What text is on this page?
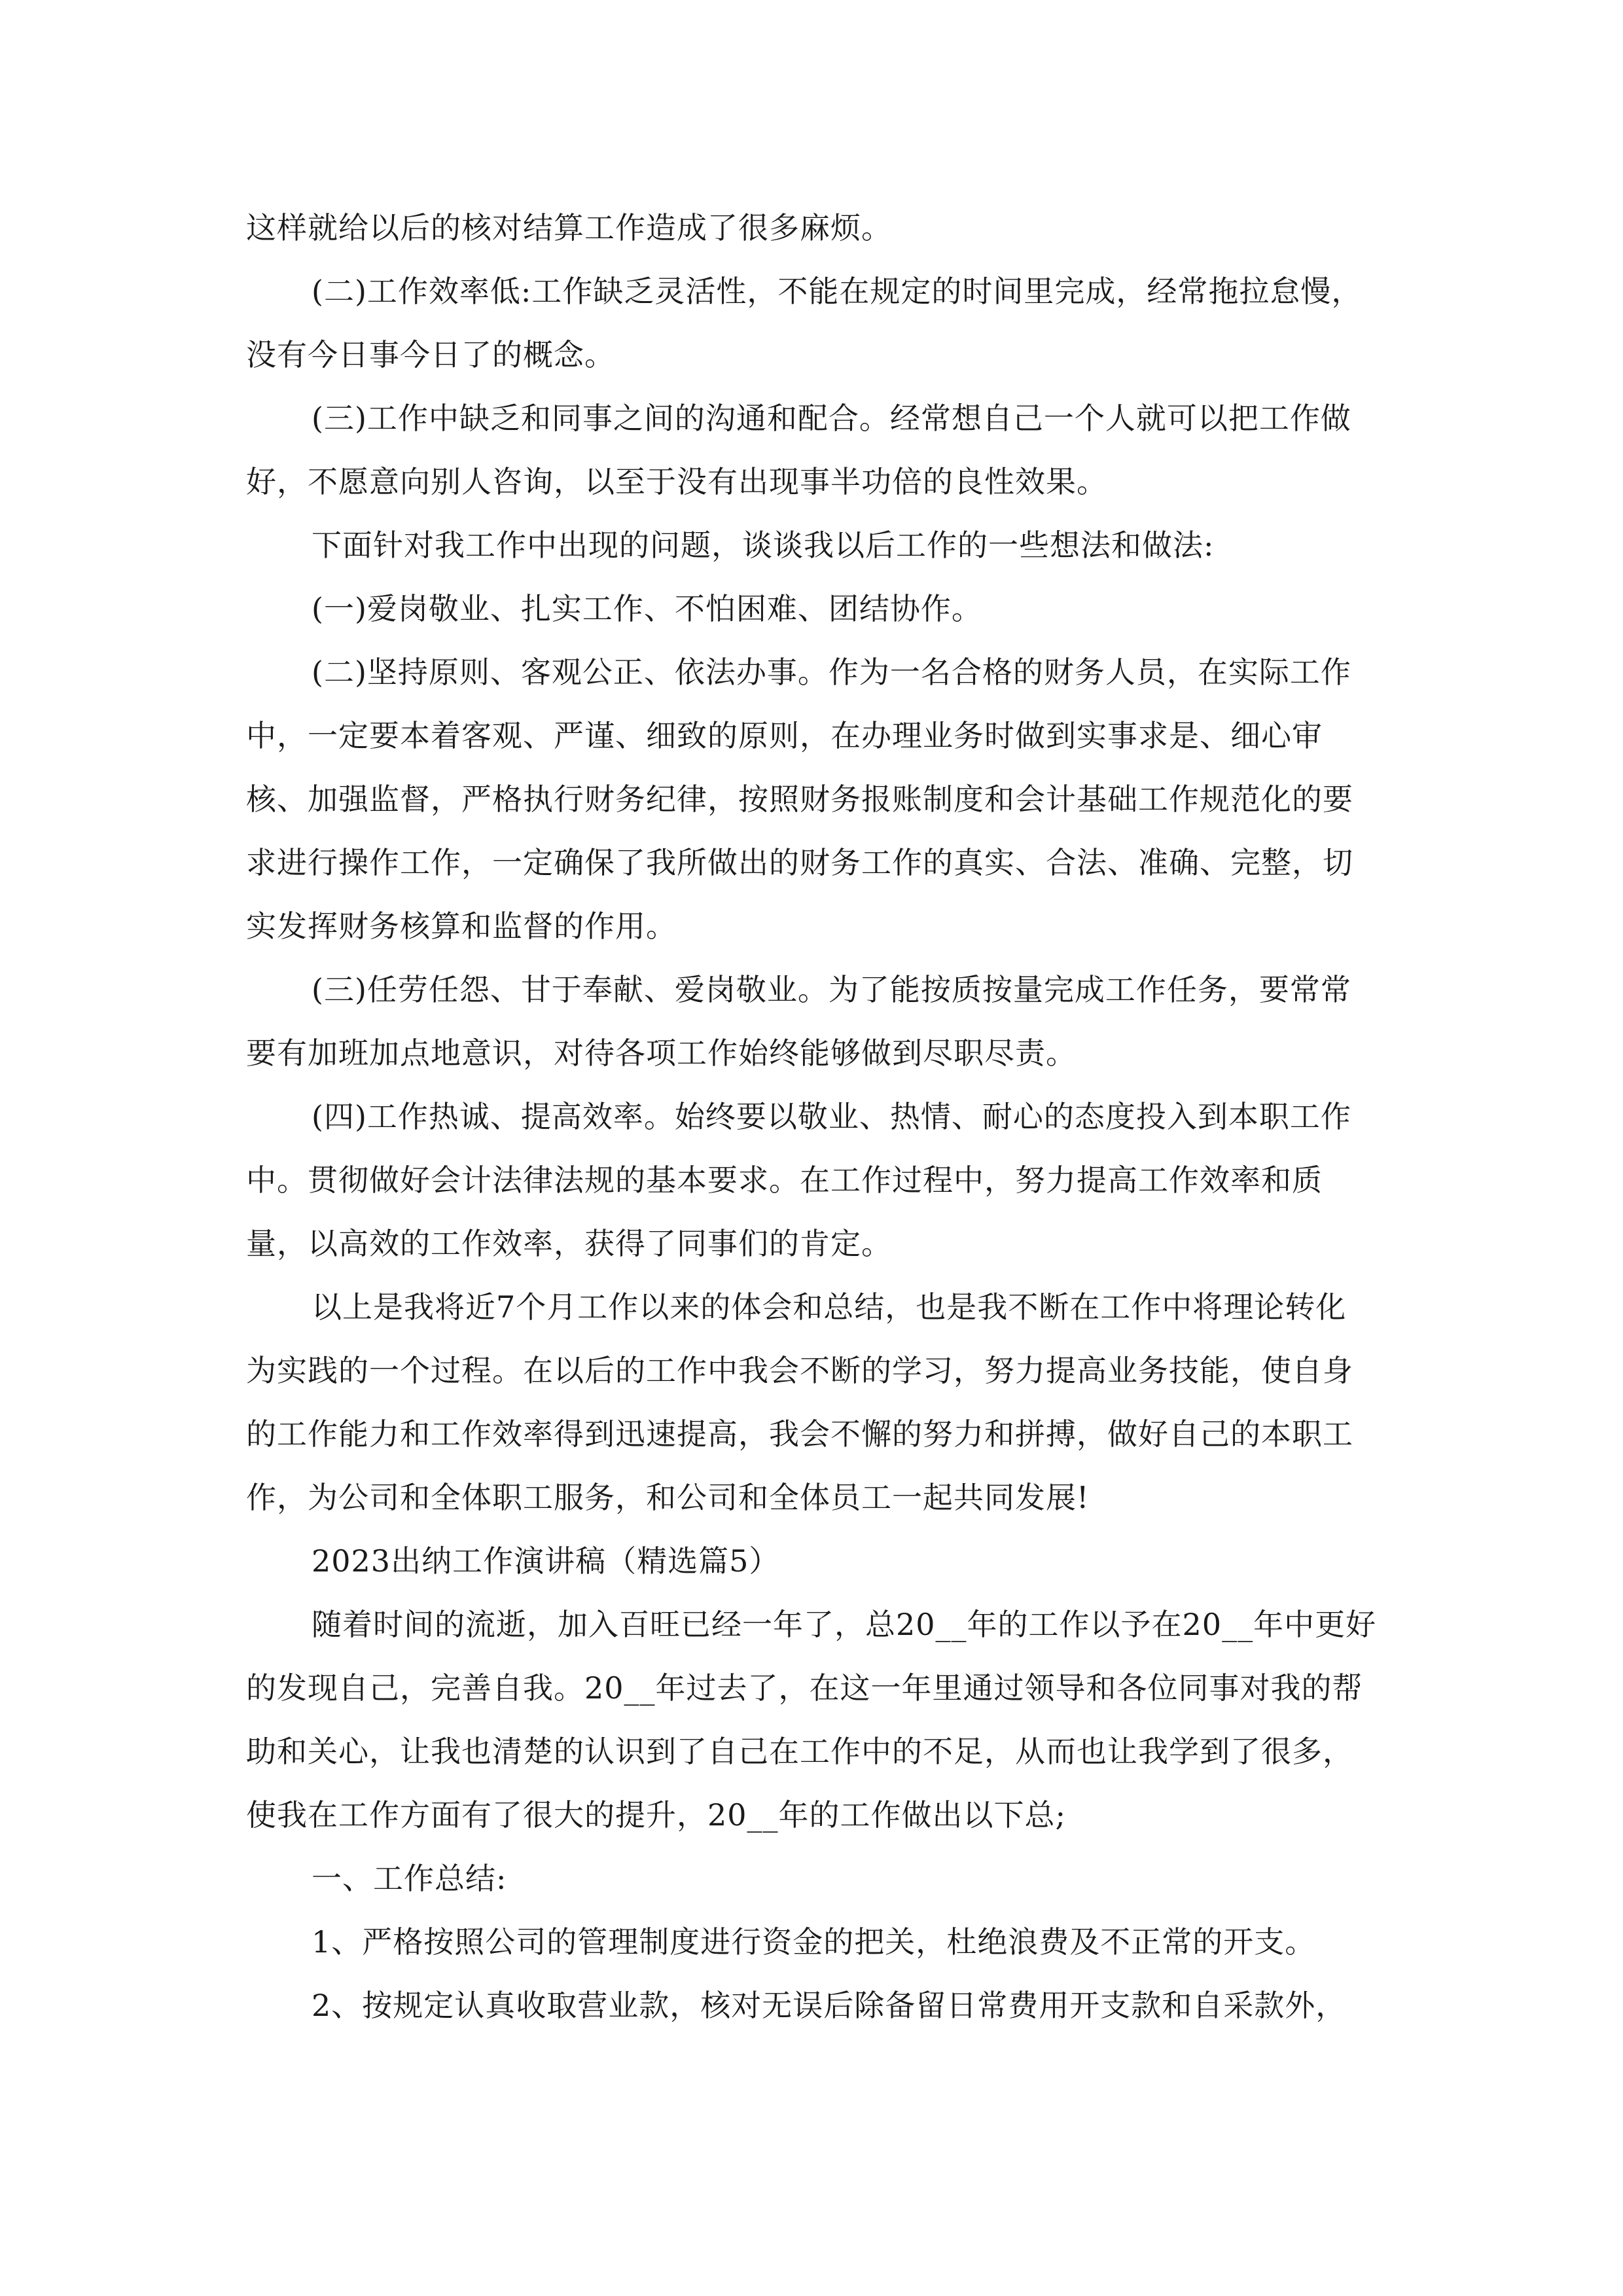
这样就给以后的核对结算工作造成了很多麻烦。

(二)工作效率低:工作缺乏灵活性，不能在规定的时间里完成，经常拖拉怠慢，没有今日事今日了的概念。

(三)工作中缺乏和同事之间的沟通和配合。经常想自己一个人就可以把工作做好，不愿意向别人咨询，以至于没有出现事半功倍的良性效果。

下面针对我工作中出现的问题，谈谈我以后工作的一些想法和做法:

(一)爱岗敬业、扎实工作、不怕困难、团结协作。

(二)坚持原则、客观公正、依法办事。作为一名合格的财务人员，在实际工作中，一定要本着客观、严谨、细致的原则，在办理业务时做到实事求是、细心审核、加强监督，严格执行财务纪律，按照财务报账制度和会计基础工作规范化的要求进行操作工作，一定确保了我所做出的财务工作的真实、合法、准确、完整，切实发挥财务核算和监督的作用。

(三)任劳任怨、甘于奉献、爱岗敬业。为了能按质按量完成工作任务，要常常要有加班加点地意识，对待各项工作始终能够做到尽职尽责。

(四)工作热诚、提高效率。始终要以敬业、热情、耐心的态度投入到本职工作中。贯彻做好会计法律法规的基本要求。在工作过程中，努力提高工作效率和质量，以高效的工作效率，获得了同事们的肯定。

以上是我将近7个月工作以来的体会和总结，也是我不断在工作中将理论转化为实践的一个过程。在以后的工作中我会不断的学习，努力提高业务技能，使自身的工作能力和工作效率得到迅速提高，我会不懈的努力和拼搏，做好自己的本职工作，为公司和全体职工服务，和公司和全体员工一起共同发展!

2023出纳工作演讲稿（精选篇5）

随着时间的流逝，加入百旺已经一年了，总20__年的工作以予在20__年中更好的发现自己，完善自我。20__年过去了，在这一年里通过领导和各位同事对我的帮助和关心，让我也清楚的认识到了自己在工作中的不足，从而也让我学到了很多，使我在工作方面有了很大的提升，20__年的工作做出以下总;

一、工作总结:

1、严格按照公司的管理制度进行资金的把关，杜绝浪费及不正常的开支。

2、按规定认真收取营业款，核对无误后除备留日常费用开支款和自采款外，
